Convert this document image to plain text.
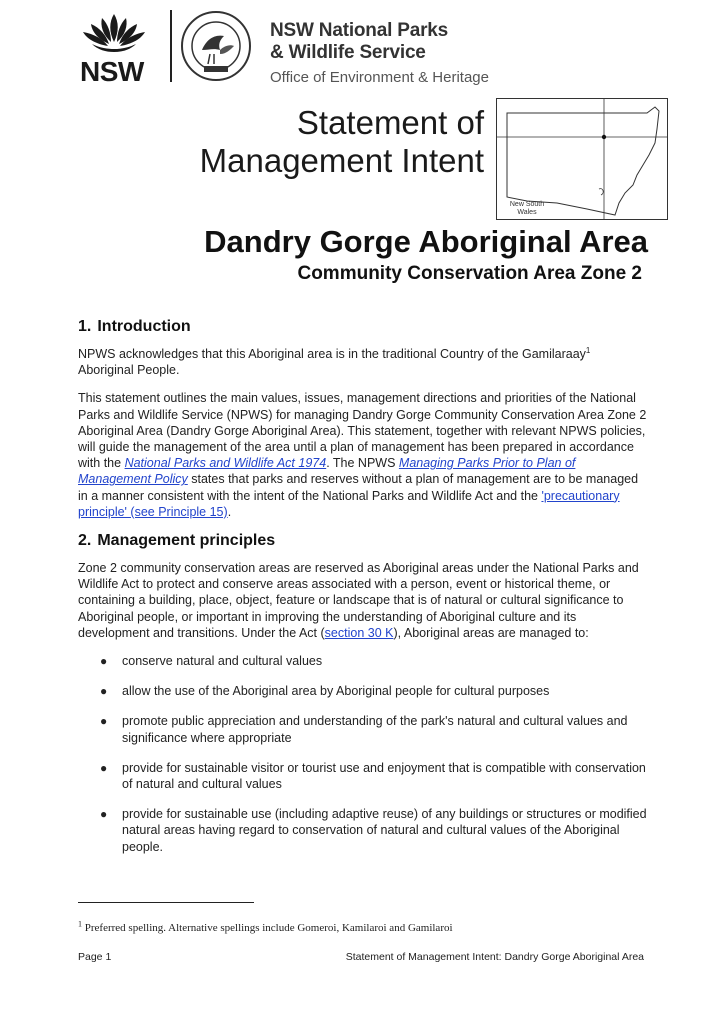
NSW
NSW National Parks
& Wildlife Service
Office of Environment & Heritage
Statement of
Management Intent
New South
Wales
Dandry Gorge Aboriginal Area
Community Conservation Area Zone 2
1. Introduction

NPWS acknowledges that this Aboriginal area is in the traditional Country of the Gamilaraay$^1$ Aboriginal People.

This statement outlines the main values, issues, management directions and priorities of the National Parks and Wildlife Service (NPWS) for managing Dandry Gorge Community Conservation Area Zone 2 Aboriginal Area (Dandry Gorge Aboriginal Area). This statement, together with relevant NPWS policies, will guide the management of the area until a plan of management has been prepared in accordance with the National Parks and Wildlife Act 1974. The NPWS Managing Parks Prior to Plan of Management Policy states that parks and reserves without a plan of management are to be managed in a manner consistent with the intent of the National Parks and Wildlife Act and the 'precautionary principle' (see Principle 15).

2. Management principles

Zone 2 community conservation areas are reserved as Aboriginal areas under the National Parks and Wildlife Act to protect and conserve areas associated with a person, event or historical theme, or containing a building, place, object, feature or landscape that is of natural or cultural significance to Aboriginal people, or important in improving the understanding of Aboriginal culture and its development and transitions. Under the Act (section 30 K), Aboriginal areas are managed to:

● conserve natural and cultural values
● allow the use of the Aboriginal area by Aboriginal people for cultural purposes
● promote public appreciation and understanding of the park's natural and cultural values and significance where appropriate
● provide for sustainable visitor or tourist use and enjoyment that is compatible with conservation of natural and cultural values
● provide for sustainable use (including adaptive reuse) of any buildings or structures or modified natural areas having regard to conservation of natural and cultural values of the Aboriginal people.
$^1$ Preferred spelling. Alternative spellings include Gomeroi, Kamilaroi and Gamilaroi
Page 1	Statement of Management Intent: Dandry Gorge Aboriginal Area
